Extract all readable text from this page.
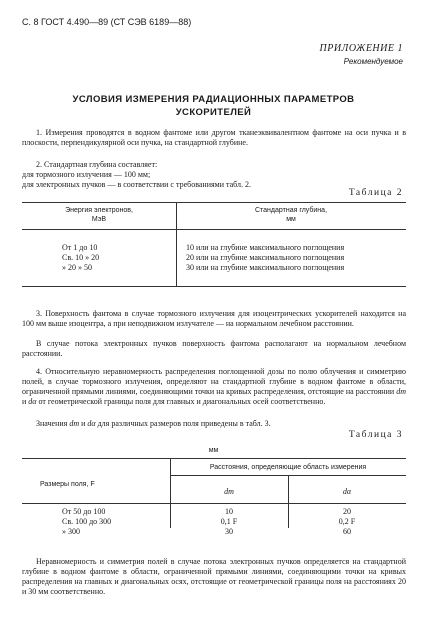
С. 8 ГОСТ 4.490—89 (СТ СЭВ 6189—88)
ПРИЛОЖЕНИЕ 1
Рекомендуемое
УСЛОВИЯ ИЗМЕРЕНИЯ РАДИАЦИОННЫХ ПАРАМЕТРОВ
УСКОРИТЕЛЕЙ
1. Измерения проводятся в водном фантоме или другом тканеэквивалентном фантоме на оси пучка и в плоскости, перпендикулярной оси пучка, на стандартной глубине.
2. Стандартная глубина составляет:
для тормозного излучения — 100 мм;
для электронных пучков — в соответствии с требованиями табл. 2.
Таблица 2
Энергия электронов,
МэВ
Стандартная глубина,
мм
От 1 до 10	10 или на глубине максимального поглощения
Св. 10 » 20	20 или на глубине максимального поглощения
» 20 » 50	30 или на глубине максимального поглощения
3. Поверхность фантома в случае тормозного излучения для изоцентрических ускорителей находится на 100 мм выше изоцентра, а при неподвижном излучателе — на нормальном лечебном расстоянии.
В случае потока электронных пучков поверхность фантома располагают на нормальном лечебном расстоянии.
4. Относительную неравномерность распределения поглощенной дозы по полю облучения и симметрию полей, в случае тормозного излучения, определяют на стандартной глубине в водном фантоме в области, ограниченной прямыми линиями, соединяющими точки на кривых распределения, отстоящие на расстоянии dm и dα от геометрической границы поля для главных и диагональных осей соответственно.
Значения dm и dα для различных размеров поля приведены в табл. 3.
Таблица 3
мм
Расстояния, определяющие область измерения
Размеры поля, F
dm	dα
От 50 до 100	10	20
Св. 100 до 300	0,1 F	0,2 F
» 300	30	60
Неравномерность и симметрия полей в случае потока электронных пучков определяется на стандартной глубине в водном фантоме в области, ограниченной прямыми линиями, соединяющими точки на кривых распределения на главных и диагональных осях, отстоящие от геометрической границы поля на расстояниях 20 и 30 мм соответственно.
